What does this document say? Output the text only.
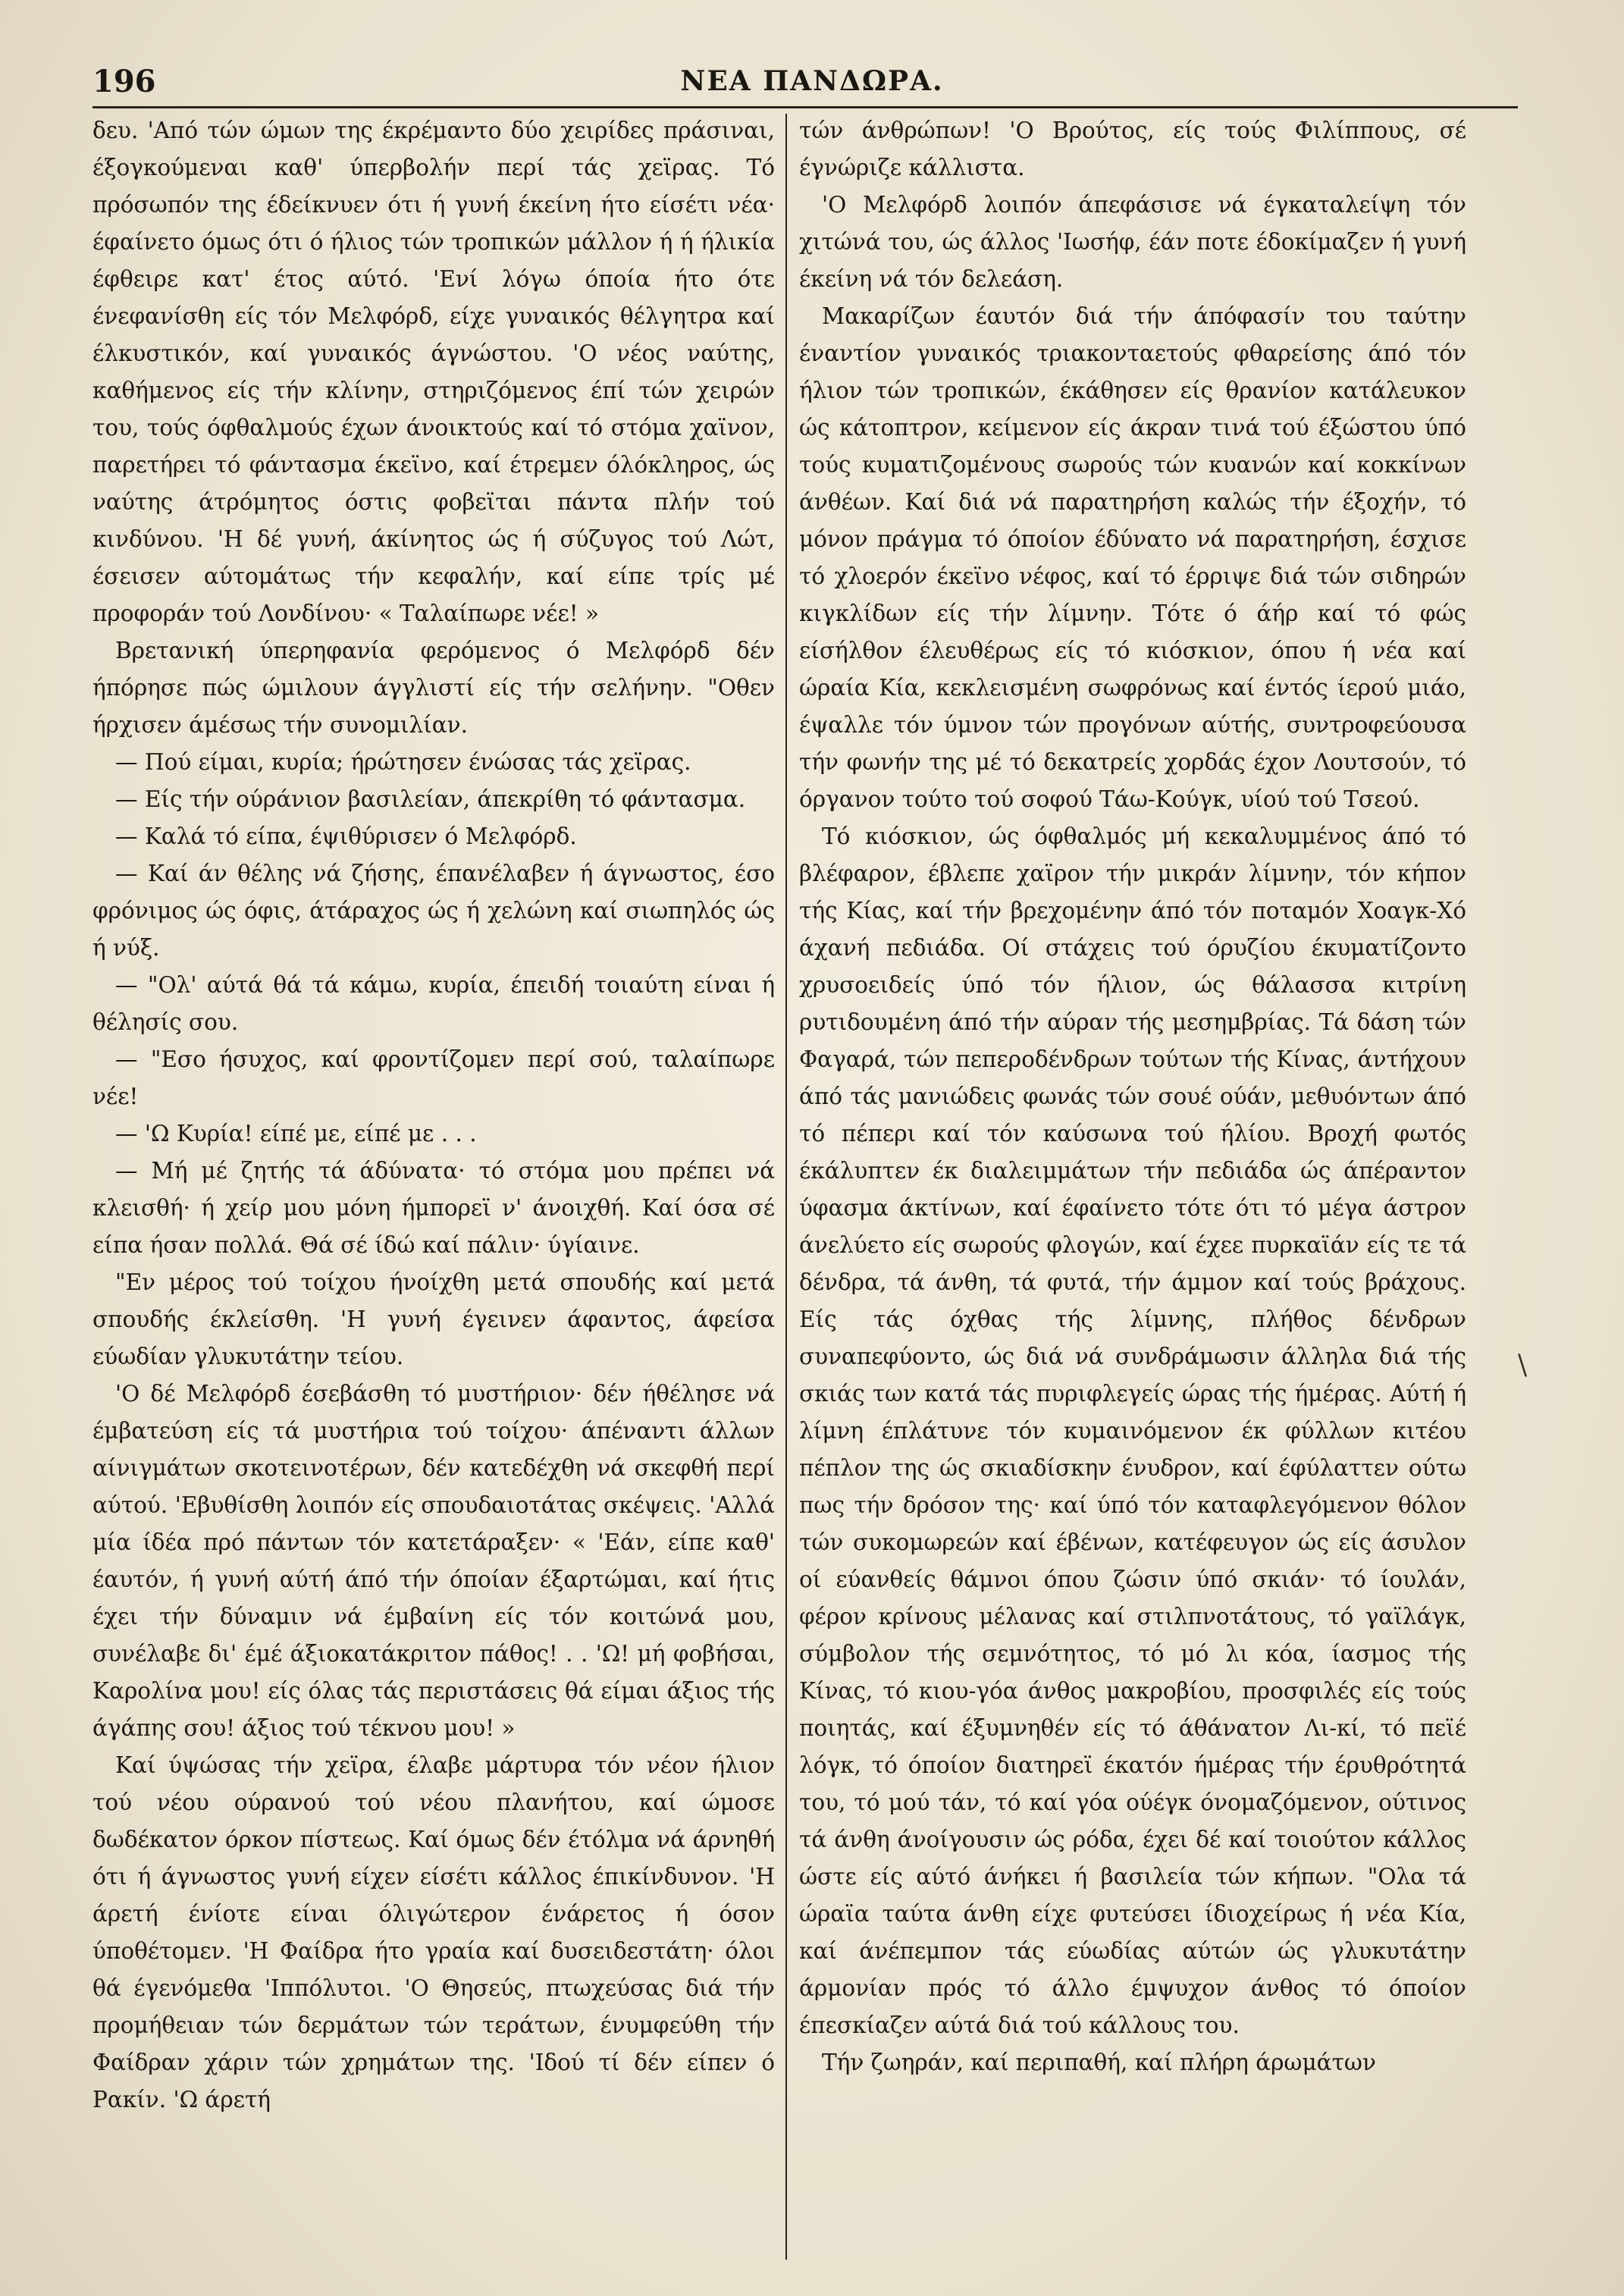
196	ΝΕΑ ΠΑΝΔΩΡΑ.

δευ. 'Από τών ώμων της έκρέμαντο δύο χειρίδες πράσιναι, έξογκούμεναι καθ' ύπερβολήν περί τάς χεϊρας. Τό πρόσωπόν της έδείκνυεν ότι ή γυνή έκείνη ήτο είσέτι νέα· έφαίνετο όμως ότι ό ήλιος τών τροπικών μάλλον ή ή ήλικία έφθειρε κατ' έτος αύτό. 'Ενί λόγω όποία ήτο ότε ένεφανίσθη είς τόν Μελφόρδ, είχε γυναικός θέλγητρα καί έλκυστικόν, καί γυναικός άγνώστου. 'Ο νέος ναύτης, καθήμενος είς τήν κλίνην, στηριζόμενος έπί τών χειρών του, τούς όφθαλμούς έχων άνοικτούς καί τό στόμα χαϊνον, παρετήρει τό φάντασμα έκεϊνο, καί έτρεμεν όλόκληρος, ώς ναύτης άτρόμητος όστις φοβεϊται πάντα πλήν τού κινδύνου. 'Η δέ γυνή, άκίνητος ώς ή σύζυγος τού Λώτ, έσεισεν αύτομάτως τήν κεφαλήν, καί είπε τρίς μέ προφοράν τού Λονδίνου· « Ταλαίπωρε νέε! »

Βρετανική ύπερηφανία φερόμενος ό Μελφόρδ δέν ήπόρησε πώς ώμιλουν άγγλιστί είς τήν σελήνην. "Οθεν ήρχισεν άμέσως τήν συνομιλίαν.

— Πού είμαι, κυρία; ήρώτησεν ένώσας τάς χεϊρας.

— Είς τήν ούράνιον βασιλείαν, άπεκρίθη τό φάντασμα.

— Καλά τό είπα, έψιθύρισεν ό Μελφόρδ.

— Καί άν θέλης νά ζήσης, έπανέλαβεν ή άγνωστος, έσο φρόνιμος ώς όφις, άτάραχος ώς ή χελώνη καί σιωπηλός ώς ή νύξ.

— "Ολ' αύτά θά τά κάμω, κυρία, έπειδή τοιαύτη είναι ή θέλησίς σου.

— "Εσο ήσυχος, καί φροντίζομεν περί σού, ταλαίπωρε νέε!

— 'Ω Κυρία! είπέ με, είπέ με . . .

— Μή μέ ζητής τά άδύνατα· τό στόμα μου πρέπει νά κλεισθή· ή χείρ μου μόνη ήμπορεϊ ν' άνοιχθή. Καί όσα σέ είπα ήσαν πολλά. Θά σέ ίδώ καί πάλιν· ύγίαινε.

"Εν μέρος τού τοίχου ήνοίχθη μετά σπουδής καί μετά σπουδής έκλείσθη. 'Η γυνή έγεινεν άφαντος, άφείσα εύωδίαν γλυκυτάτην τείου.

'Ο δέ Μελφόρδ έσεβάσθη τό μυστήριον· δέν ήθέλησε νά έμβατεύση είς τά μυστήρια τού τοίχου· άπέναντι άλλων αίνιγμάτων σκοτεινοτέρων, δέν κατεδέχθη νά σκεφθή περί αύτού. 'Εβυθίσθη λοιπόν είς σπουδαιοτάτας σκέψεις. 'Αλλά μία ίδέα πρό πάντων τόν κατετάραξεν· « 'Εάν, είπε καθ' έαυτόν, ή γυνή αύτή άπό τήν όποίαν έξαρτώμαι, καί ήτις έχει τήν δύναμιν νά έμβαίνη είς τόν κοιτώνά μου, συνέλαβε δι' έμέ άξιοκατάκριτον πάθος! . . 'Ω! μή φοβήσαι, Καρολίνα μου! είς όλας τάς περιστάσεις θά είμαι άξιος τής άγάπης σου! άξιος τού τέκνου μου! »

Καί ύψώσας τήν χεϊρα, έλαβε μάρτυρα τόν νέον ήλιον τού νέου ούρανού τού νέου πλανήτου, καί ώμοσε δωδέκατον όρκον πίστεως. Καί όμως δέν έτόλμα νά άρνηθή ότι ή άγνωστος γυνή είχεν είσέτι κάλλος έπικίνδυνον. 'Η άρετή ένίοτε είναι όλιγώτερον ένάρετος ή όσον ύποθέτομεν. 'Η Φαίδρα ήτο γραία καί δυσειδεστάτη· όλοι θά έγενόμεθα 'Ιππόλυτοι. 'Ο Θησεύς, πτωχεύσας διά τήν προμήθειαν τών δερμάτων τών τεράτων, ένυμφεύθη τήν Φαίδραν χάριν τών χρημάτων της. 'Ιδού τί δέν είπεν ό Ρακίν. 'Ω άρετή

τών άνθρώπων! 'Ο Βρούτος, είς τούς Φιλίππους, σέ έγνώριζε κάλλιστα.

'Ο Μελφόρδ λοιπόν άπεφάσισε νά έγκαταλείψη τόν χιτώνά του, ώς άλλος 'Ιωσήφ, έάν ποτε έδοκίμαζεν ή γυνή έκείνη νά τόν δελεάση.

Μακαρίζων έαυτόν διά τήν άπόφασίν του ταύτην έναντίον γυναικός τριακονταετούς φθαρείσης άπό τόν ήλιον τών τροπικών, έκάθησεν είς θρανίον κατάλευκον ώς κάτοπτρον, κείμενον είς άκραν τινά τού έξώστου ύπό τούς κυματιζομένους σωρούς τών κυανών καί κοκκίνων άνθέων. Καί διά νά παρατηρήση καλώς τήν έξοχήν, τό μόνον πράγμα τό όποίον έδύνατο νά παρατηρήση, έσχισε τό χλοερόν έκεϊνο νέφος, καί τό έρριψε διά τών σιδηρών κιγκλίδων είς τήν λίμνην. Τότε ό άήρ καί τό φώς είσήλθον έλευθέρως είς τό κιόσκιον, όπου ή νέα καί ώραία Κία, κεκλεισμένη σωφρόνως καί έντός ίερού μιάο, έψαλλε τόν ύμνον τών προγόνων αύτής, συντροφεύουσα τήν φωνήν της μέ τό δεκατρείς χορδάς έχον Λουτσούν, τό όργανον τούτο τού σοφού Τάω-Κούγκ, υίού τού Τσεού.

Τό κιόσκιον, ώς όφθαλμός μή κεκαλυμμένος άπό τό βλέφαρον, έβλεπε χαϊρον τήν μικράν λίμνην, τόν κήπον τής Κίας, καί τήν βρεχομένην άπό τόν ποταμόν Χοαγκ-Χό άχανή πεδιάδα. Οί στάχεις τού όρυζίου έκυματίζοντο χρυσοειδείς ύπό τόν ήλιον, ώς θάλασσα κιτρίνη ρυτιδουμένη άπό τήν αύραν τής μεσημβρίας. Τά δάση τών Φαγαρά, τών πεπεροδένδρων τούτων τής Κίνας, άντήχουν άπό τάς μανιώδεις φωνάς τών σουέ ούάν, μεθυόντων άπό τό πέπερι καί τόν καύσωνα τού ήλίου. Βροχή φωτός έκάλυπτεν έκ διαλειμμάτων τήν πεδιάδα ώς άπέραντον ύφασμα άκτίνων, καί έφαίνετο τότε ότι τό μέγα άστρον άνελύετο είς σωρούς φλογών, καί έχεε πυρκαϊάν είς τε τά δένδρα, τά άνθη, τά φυτά, τήν άμμον καί τούς βράχους. Είς τάς όχθας τής λίμνης, πλήθος δένδρων συναπεφύοντο, ώς διά νά συνδράμωσιν άλληλα διά τής σκιάς των κατά τάς πυριφλεγείς ώρας τής ήμέρας. Αύτή ή λίμνη έπλάτυνε τόν κυμαινόμενον έκ φύλλων κιτέου πέπλον της ώς σκιαδίσκην ένυδρον, καί έφύλαττεν ούτω πως τήν δρόσον της· καί ύπό τόν καταφλεγόμενον θόλον τών συκομωρεών καί έβένων, κατέφευγον ώς είς άσυλον οί εύανθείς θάμνοι όπου ζώσιν ύπό σκιάν· τό ίουλάν, φέρον κρίνους μέλανας καί στιλπνοτάτους, τό γαϊλάγκ, σύμβολον τής σεμνότητος, τό μό λι κόα, ίασμος τής Κίνας, τό κιου-γόα άνθος μακροβίου, προσφιλές είς τούς ποιητάς, καί έξυμνηθέν είς τό άθάνατον Λι-κί, τό πεϊέ λόγκ, τό όποίον διατηρεϊ έκατόν ήμέρας τήν έρυθρότητά του, τό μού τάν, τό καί γόα ούέγκ όνομαζόμενον, ούτινος τά άνθη άνοίγουσιν ώς ρόδα, έχει δέ καί τοιούτον κάλλος ώστε είς αύτό άνήκει ή βασιλεία τών κήπων. "Ολα τά ώραϊα ταύτα άνθη είχε φυτεύσει ίδιοχείρως ή νέα Κία, καί άνέπεμπον τάς εύωδίας αύτών ώς γλυκυτάτην άρμονίαν πρός τό άλλο έμψυχον άνθος τό όποίον έπεσκίαζεν αύτά διά τού κάλλους του.

Τήν ζωηράν, καί περιπαθή, καί πλήρη άρωμάτων

\
